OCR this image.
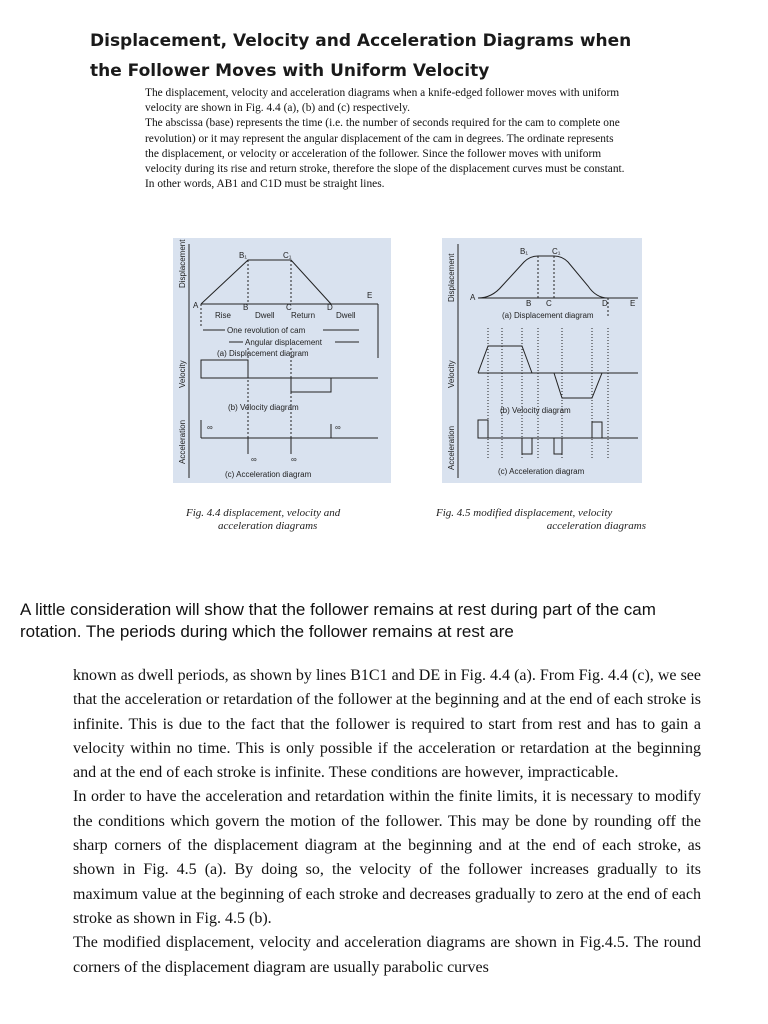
Displacement, Velocity and Acceleration Diagrams when
the Follower Moves with Uniform Velocity

The displacement, velocity and acceleration diagrams when a knife-edged follower moves with uniform velocity are shown in Fig. 4.4 (a), (b) and (c) respectively.

The abscissa (base) represents the time (i.e. the number of seconds required for the cam to complete one revolution) or it may represent the angular displacement of the cam in degrees. The ordinate represents the displacement, or velocity or acceleration of the follower. Since the follower moves with uniform velocity during its rise and return stroke, therefore the slope of the displacement curves must be constant. In other words, AB1 and C1D must be straight lines.

Displacement
Velocity
Acceleration
B₁	C₁
A	B	C	D
E
Rise	Dwell Return	Dwell
One revolution of cam
Angular displacement
(a) Displacement diagram
(b) Velocity diagram
∞
∞	∞
∞
(c) Acceleration diagram
Displacement
Velocity
Acceleration
B₁	C₁
A
B C	D	E
(a) Displacement diagram
(b) Velocity diagram
(c) Acceleration diagram
Fig. 4.4 displacement, velocity and
acceleration diagrams
Fig. 4.5 modified displacement, velocity
acceleration diagrams

A little consideration will show that the follower remains at rest during part of the cam rotation. The periods during which the follower remains at rest are

known as dwell periods, as shown by lines B1C1 and DE in Fig. 4.4 (a). From Fig. 4.4 (c), we see that the acceleration or retardation of the follower at the beginning and at the end of each stroke is infinite. This is due to the fact that the follower is required to start from rest and has to gain a velocity within no time. This is only possible if the acceleration or retardation at the beginning and at the end of each stroke is infinite. These conditions are however, impracticable.

In order to have the acceleration and retardation within the finite limits, it is necessary to modify the conditions which govern the motion of the follower. This may be done by rounding off the sharp corners of the displacement diagram at the beginning and at the end of each stroke, as shown in Fig. 4.5 (a). By doing so, the velocity of the follower increases gradually to its maximum value at the beginning of each stroke and decreases gradually to zero at the end of each stroke as shown in Fig. 4.5 (b).

The modified displacement, velocity and acceleration diagrams are shown in Fig.4.5. The round corners of the displacement diagram are usually parabolic curves
